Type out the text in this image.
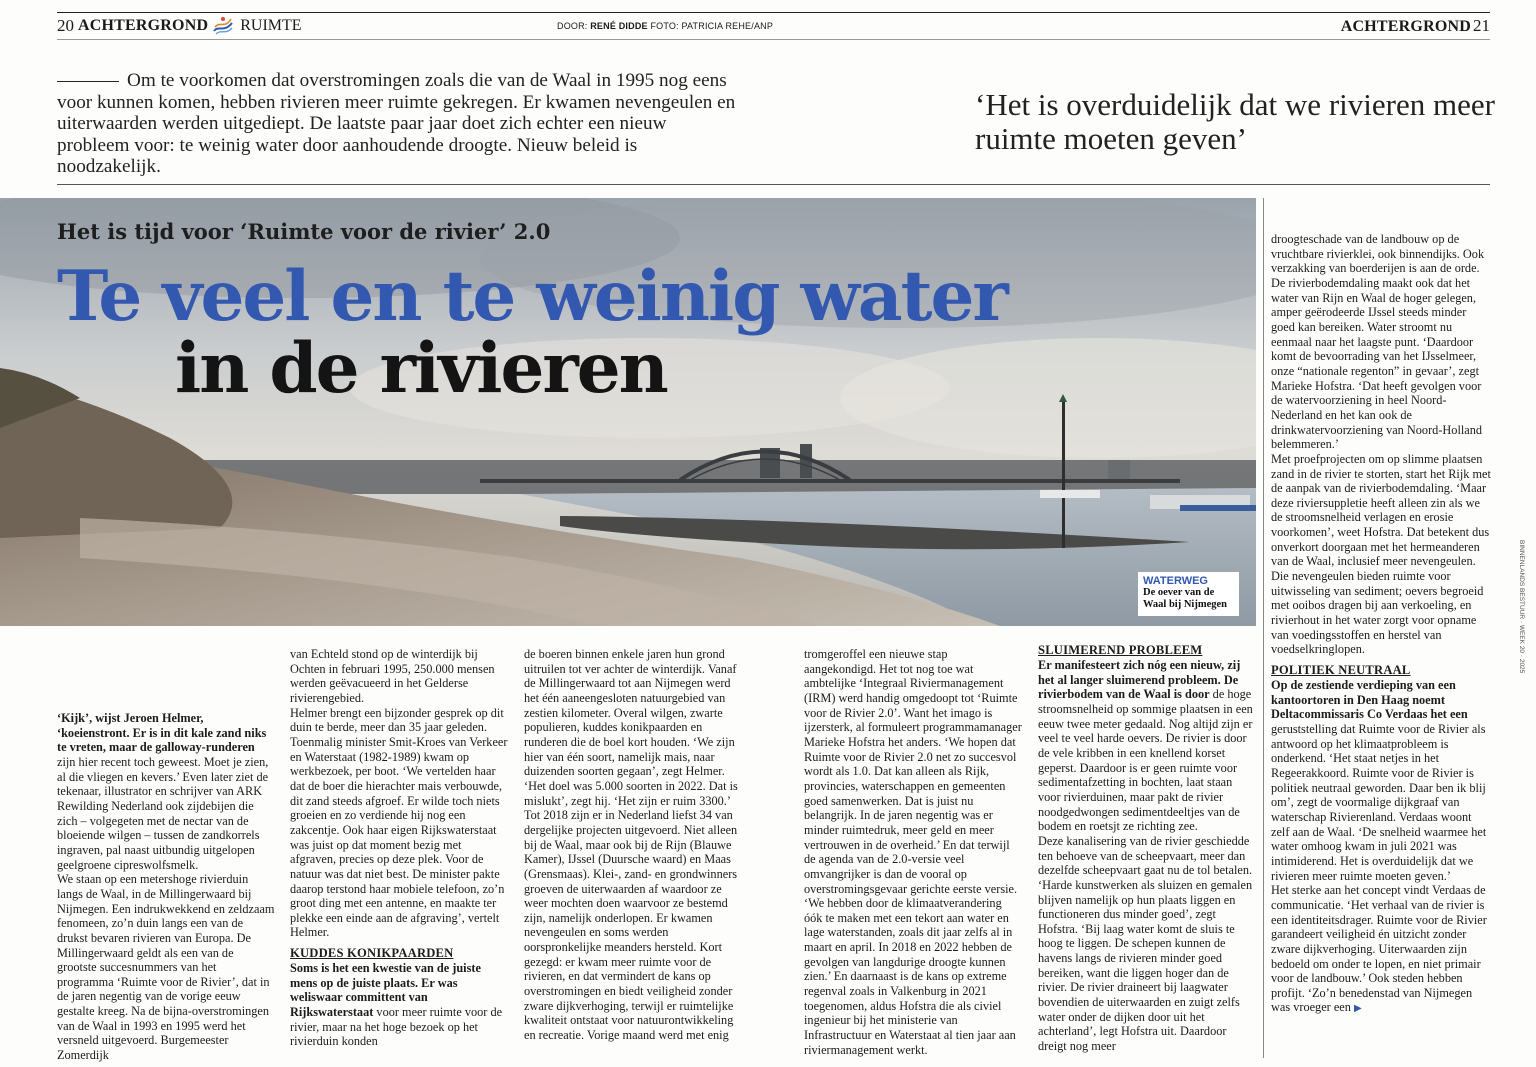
20 ACHTERGROND RUIMTE	DOOR: RENÉ DIDDE FOTO: PATRICIA REHE/ANP	ACHTERGROND 21
Om te voorkomen dat overstromingen zoals die van de Waal in 1995 nog eens voor kunnen komen, hebben rivieren meer ruimte gekregen. Er kwamen nevengeulen en uiterwaarden werden uitgediept. De laatste paar jaar doet zich echter een nieuw probleem voor: te weinig water door aanhoudende droogte. Nieuw beleid is noodzakelijk.
‘Het is overduidelijk dat we rivieren meer ruimte moeten geven’
Het is tijd voor ‘Ruimte voor de rivier’ 2.0
Te veel en te weinig water
in de rivieren
WATERWEG
De oever van de Waal bij Nijmegen

‘Kijk’, wijst Jeroen Helmer, ‘koeienstront. Er is in dit kale zand niks te vreten, maar de galloway-runderen zijn hier recent toch geweest. Moet je zien, al die vliegen en kevers.’ Even later ziet de tekenaar, illustrator en schrijver van ARK Rewilding Nederland ook zijdebijen die zich – volgegeten met de nectar van de bloeiende wilgen – tussen de zandkorrels ingraven, pal naast uitbundig uitgelopen geelgroene cipreswolfsmelk.

We staan op een metershoge rivierduin langs de Waal, in de Millingerwaard bij Nijmegen. Een indrukwekkend en zeldzaam fenomeen, zo’n duin langs een van de drukst bevaren rivieren van Europa. De Millingerwaard geldt als een van de grootste succesnummers van het programma ‘Ruimte voor de Rivier’, dat in de jaren negentig van de vorige eeuw gestalte kreeg. Na de bijna-overstromingen van de Waal in 1993 en 1995 werd het versneld uitgevoerd. Burgemeester Zomerdijk

van Echteld stond op de winterdijk bij Ochten in februari 1995, 250.000 mensen werden geëvacueerd in het Gelderse rivierengebied.

Helmer brengt een bijzonder gesprek op dit duin te berde, meer dan 35 jaar geleden. Toenmalig minister Smit-Kroes van Verkeer en Waterstaat (1982-1989) kwam op werkbezoek, per boot. ‘We vertelden haar dat de boer die hierachter mais verbouwde, dit zand steeds afgroef. Er wilde toch niets groeien en zo verdiende hij nog een zakcentje. Ook haar eigen Rijkswaterstaat was juist op dat moment bezig met afgraven, precies op deze plek. Voor de natuur was dat niet best. De minister pakte daarop terstond haar mobiele telefoon, zo’n groot ding met een antenne, en maakte ter plekke een einde aan de afgraving’, vertelt Helmer.

KUDDES KONIKPAARDEN

Soms is het een kwestie van de juiste mens op de juiste plaats. Er was weliswaar committent van Rijkswaterstaat voor meer ruimte voor de rivier, maar na het hoge bezoek op het rivierduin konden

de boeren binnen enkele jaren hun grond uitruilen tot ver achter de winterdijk. Vanaf de Millingerwaard tot aan Nijmegen werd het één aaneengesloten natuurgebied van zestien kilometer. Overal wilgen, zwarte populieren, kuddes konikpaarden en runderen die de boel kort houden. ‘We zijn hier van één soort, namelijk mais, naar duizenden soorten gegaan’, zegt Helmer. ‘Het doel was 5.000 soorten in 2022. Dat is mislukt’, zegt hij. ‘Het zijn er ruim 3300.’ Tot 2018 zijn er in Nederland liefst 34 van dergelijke projecten uitgevoerd. Niet alleen bij de Waal, maar ook bij de Rijn (Blauwe Kamer), IJssel (Duursche waard) en Maas (Grensmaas). Klei-, zand- en grondwinners groeven de uiterwaarden af waardoor ze weer mochten doen waarvoor ze bestemd zijn, namelijk onderlopen. Er kwamen nevengeulen en soms werden oorspronkelijke meanders hersteld. Kort gezegd: er kwam meer ruimte voor de rivieren, en dat vermindert de kans op overstromingen en biedt veiligheid zonder zware dijkverhoging, terwijl er ruimtelijke kwaliteit ontstaat voor natuurontwikkeling en recreatie. Vorige maand werd met enig

tromgeroffel een nieuwe stap aangekondigd. Het tot nog toe wat ambtelijke ‘Integraal Riviermanagement (IRM) werd handig omgedoopt tot ‘Ruimte voor de Rivier 2.0’. Want het imago is ijzersterk, al formuleert programmamanager Marieke Hofstra het anders. ‘We hopen dat Ruimte voor de Rivier 2.0 net zo succesvol wordt als 1.0. Dat kan alleen als Rijk, provincies, waterschappen en gemeenten goed samenwerken. Dat is juist nu belangrijk. In de jaren negentig was er minder ruimtedruk, meer geld en meer vertrouwen in de overheid.’ En dat terwijl de agenda van de 2.0-versie veel omvangrijker is dan de vooral op overstromingsgevaar gerichte eerste versie. ‘We hebben door de klimaatverandering óók te maken met een tekort aan water en lage waterstanden, zoals dit jaar zelfs al in maart en april. In 2018 en 2022 hebben de gevolgen van langdurige droogte kunnen zien.’ En daarnaast is de kans op extreme regenval zoals in Valkenburg in 2021 toegenomen, aldus Hofstra die als civiel ingenieur bij het ministerie van Infrastructuur en Waterstaat al tien jaar aan riviermanagement werkt.

SLUIMEREND PROBLEEM

Er manifesteert zich nóg een nieuw, zij het al langer sluimerend probleem. De rivierbodem van de Waal is door de hoge stroomsnelheid op sommige plaatsen in een eeuw twee meter gedaald. Nog altijd zijn er veel te veel harde oevers. De rivier is door de vele kribben in een knellend korset geperst. Daardoor is er geen ruimte voor sedimentafzetting in bochten, laat staan voor rivierduinen, maar pakt de rivier noodgedwongen sedimentdeeltjes van de bodem en roetsjt ze richting zee.

Deze kanalisering van de rivier geschiedde ten behoeve van de scheepvaart, meer dan dezelfde scheepvaart gaat nu de tol betalen. ‘Harde kunstwerken als sluizen en gemalen blijven namelijk op hun plaats liggen en functioneren dus minder goed’, zegt Hofstra. ‘Bij laag water komt de sluis te hoog te liggen. De schepen kunnen de havens langs de rivieren minder goed bereiken, want die liggen hoger dan de rivier. De rivier draineert bij laagwater bovendien de uiterwaarden en zuigt zelfs water onder de dijken door uit het achterland’, legt Hofstra uit. Daardoor dreigt nog meer

droogteschade van de landbouw op de vruchtbare rivierklei, ook binnendijks. Ook verzakking van boerderijen is aan de orde.

De rivierbodemdaling maakt ook dat het water van Rijn en Waal de hoger gelegen, amper geërodeerde IJssel steeds minder goed kan bereiken. Water stroomt nu eenmaal naar het laagste punt. ‘Daardoor komt de bevoorrading van het IJsselmeer, onze “nationale regenton” in gevaar’, zegt Marieke Hofstra. ‘Dat heeft gevolgen voor de watervoorziening in heel Noord-Nederland en het kan ook de drinkwatervoorziening van Noord-Holland belemmeren.’

Met proefprojecten om op slimme plaatsen zand in de rivier te storten, start het Rijk met de aanpak van de rivierbodemdaling. ‘Maar deze riviersuppletie heeft alleen zin als we de stroomsnelheid verlagen en erosie voorkomen’, weet Hofstra. Dat betekent dus onverkort doorgaan met het hermeanderen van de Waal, inclusief meer nevengeulen. Die nevengeulen bieden ruimte voor uitwisseling van sediment; oevers begroeid met ooibos dragen bij aan verkoeling, en rivierhout in het water zorgt voor opname van voedingsstoffen en herstel van voedselkringlopen.

POLITIEK NEUTRAAL

Op de zestiende verdieping van een kantoortoren in Den Haag noemt Deltacommissaris Co Verdaas het een geruststelling dat Ruimte voor de Rivier als antwoord op het klimaatprobleem is onderkend. ‘Het staat netjes in het Regeerakkoord. Ruimte voor de Rivier is politiek neutraal geworden. Daar ben ik blij om’, zegt de voormalige dijkgraaf van waterschap Rivierenland. Verdaas woont zelf aan de Waal. ‘De snelheid waarmee het water omhoog kwam in juli 2021 was intimiderend. Het is overduidelijk dat we rivieren meer ruimte moeten geven.’

Het sterke aan het concept vindt Verdaas de communicatie. ‘Het verhaal van de rivier is een identiteitsdrager. Ruimte voor de Rivier garandeert veiligheid én uitzicht zonder zware dijkverhoging. Uiterwaarden zijn bedoeld om onder te lopen, en niet primair voor de landbouw.’ Ook steden hebben profijt. ‘Zo’n benedenstad van Nijmegen was vroeger een ▶

BINNENLANDS BESTUUR · WEEK 20 · 2025
